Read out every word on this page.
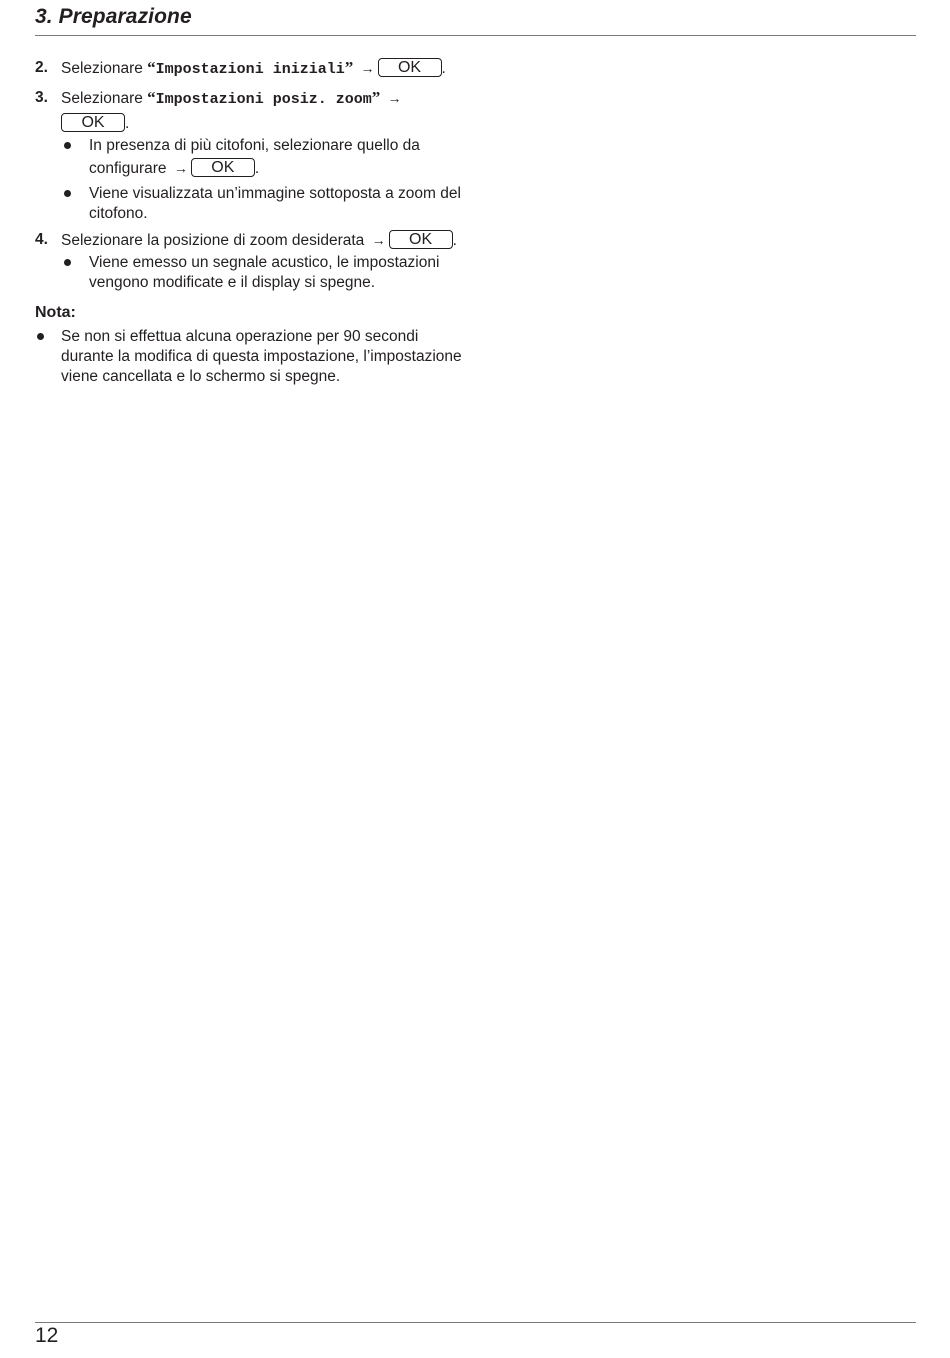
3. Preparazione
2. Selezionare “Impostazioni iniziali” → OK .
3. Selezionare “Impostazioni posiz. zoom” →
OK .
In presenza di più citofoni, selezionare quello da
configurare → OK .
Viene visualizzata un’immagine sottoposta a zoom del
citofono.
4. Selezionare la posizione di zoom desiderata → OK .
Viene emesso un segnale acustico, le impostazioni
vengono modificate e il display si spegne.
Nota:
Se non si effettua alcuna operazione per 90 secondi
durante la modifica di questa impostazione, l’impostazione
viene cancellata e lo schermo si spegne.
12
